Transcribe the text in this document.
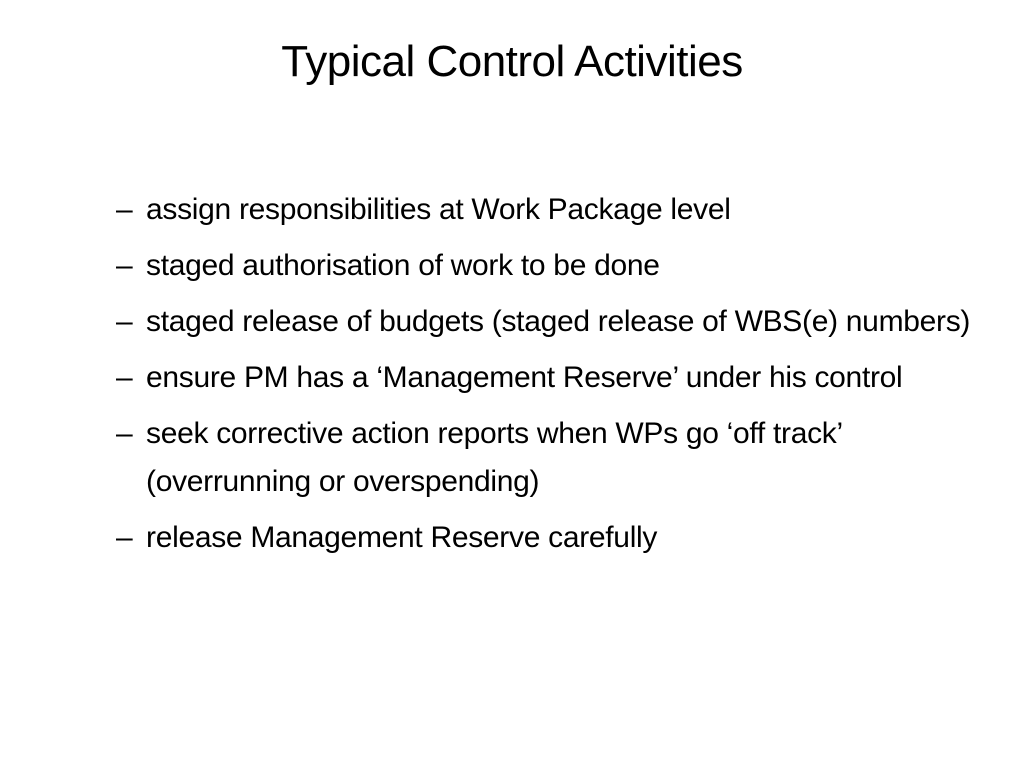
Typical Control Activities
– assign responsibilities at Work Package level
– staged authorisation of work to be done
– staged release of budgets (staged release of WBS(e) numbers)
– ensure PM has a ‘Management Reserve’ under his control
– seek corrective action reports when WPs go ‘off track’ (overrunning or overspending)
– release Management Reserve carefully
